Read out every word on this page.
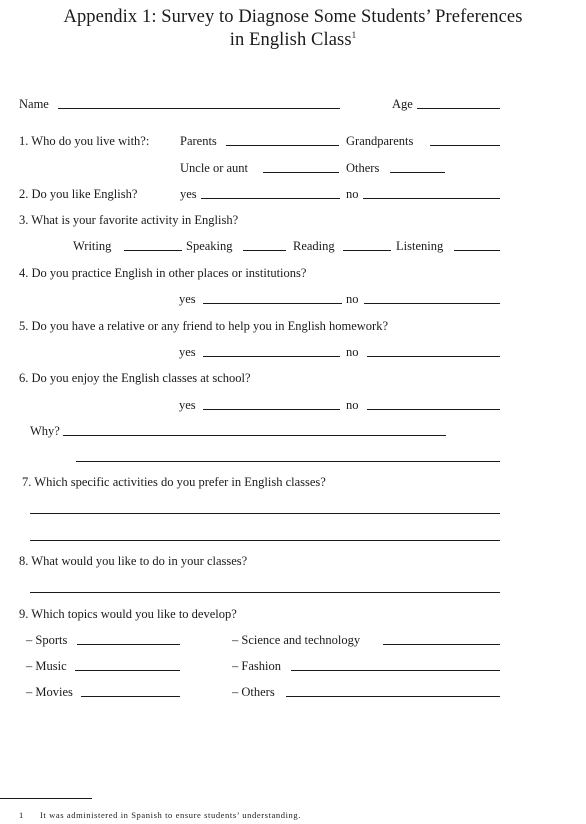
Appendix 1: Survey to Diagnose Some Students’ Preferences
in English Class$^1$
Name	Age
1. Who do you live with?: Parents	Grandparents
Uncle or aunt	Others
2. Do you like English?	yes	no
3. What is your favorite activity in English?
Writing	Speaking	Reading	Listening
4. Do you practice English in other places or institutions?
yes	no
5. Do you have a relative or any friend to help you in English homework?
yes	no
6. Do you enjoy the English classes at school?
yes	no
Why?
7. Which specific activities do you prefer in English classes?
8. What would you like to do in your classes?
9. Which topics would you like to develop?
– Sports	– Science and technology
– Music	– Fashion
– Movies	– Others
1 It was administered in Spanish to ensure students’ understanding.
